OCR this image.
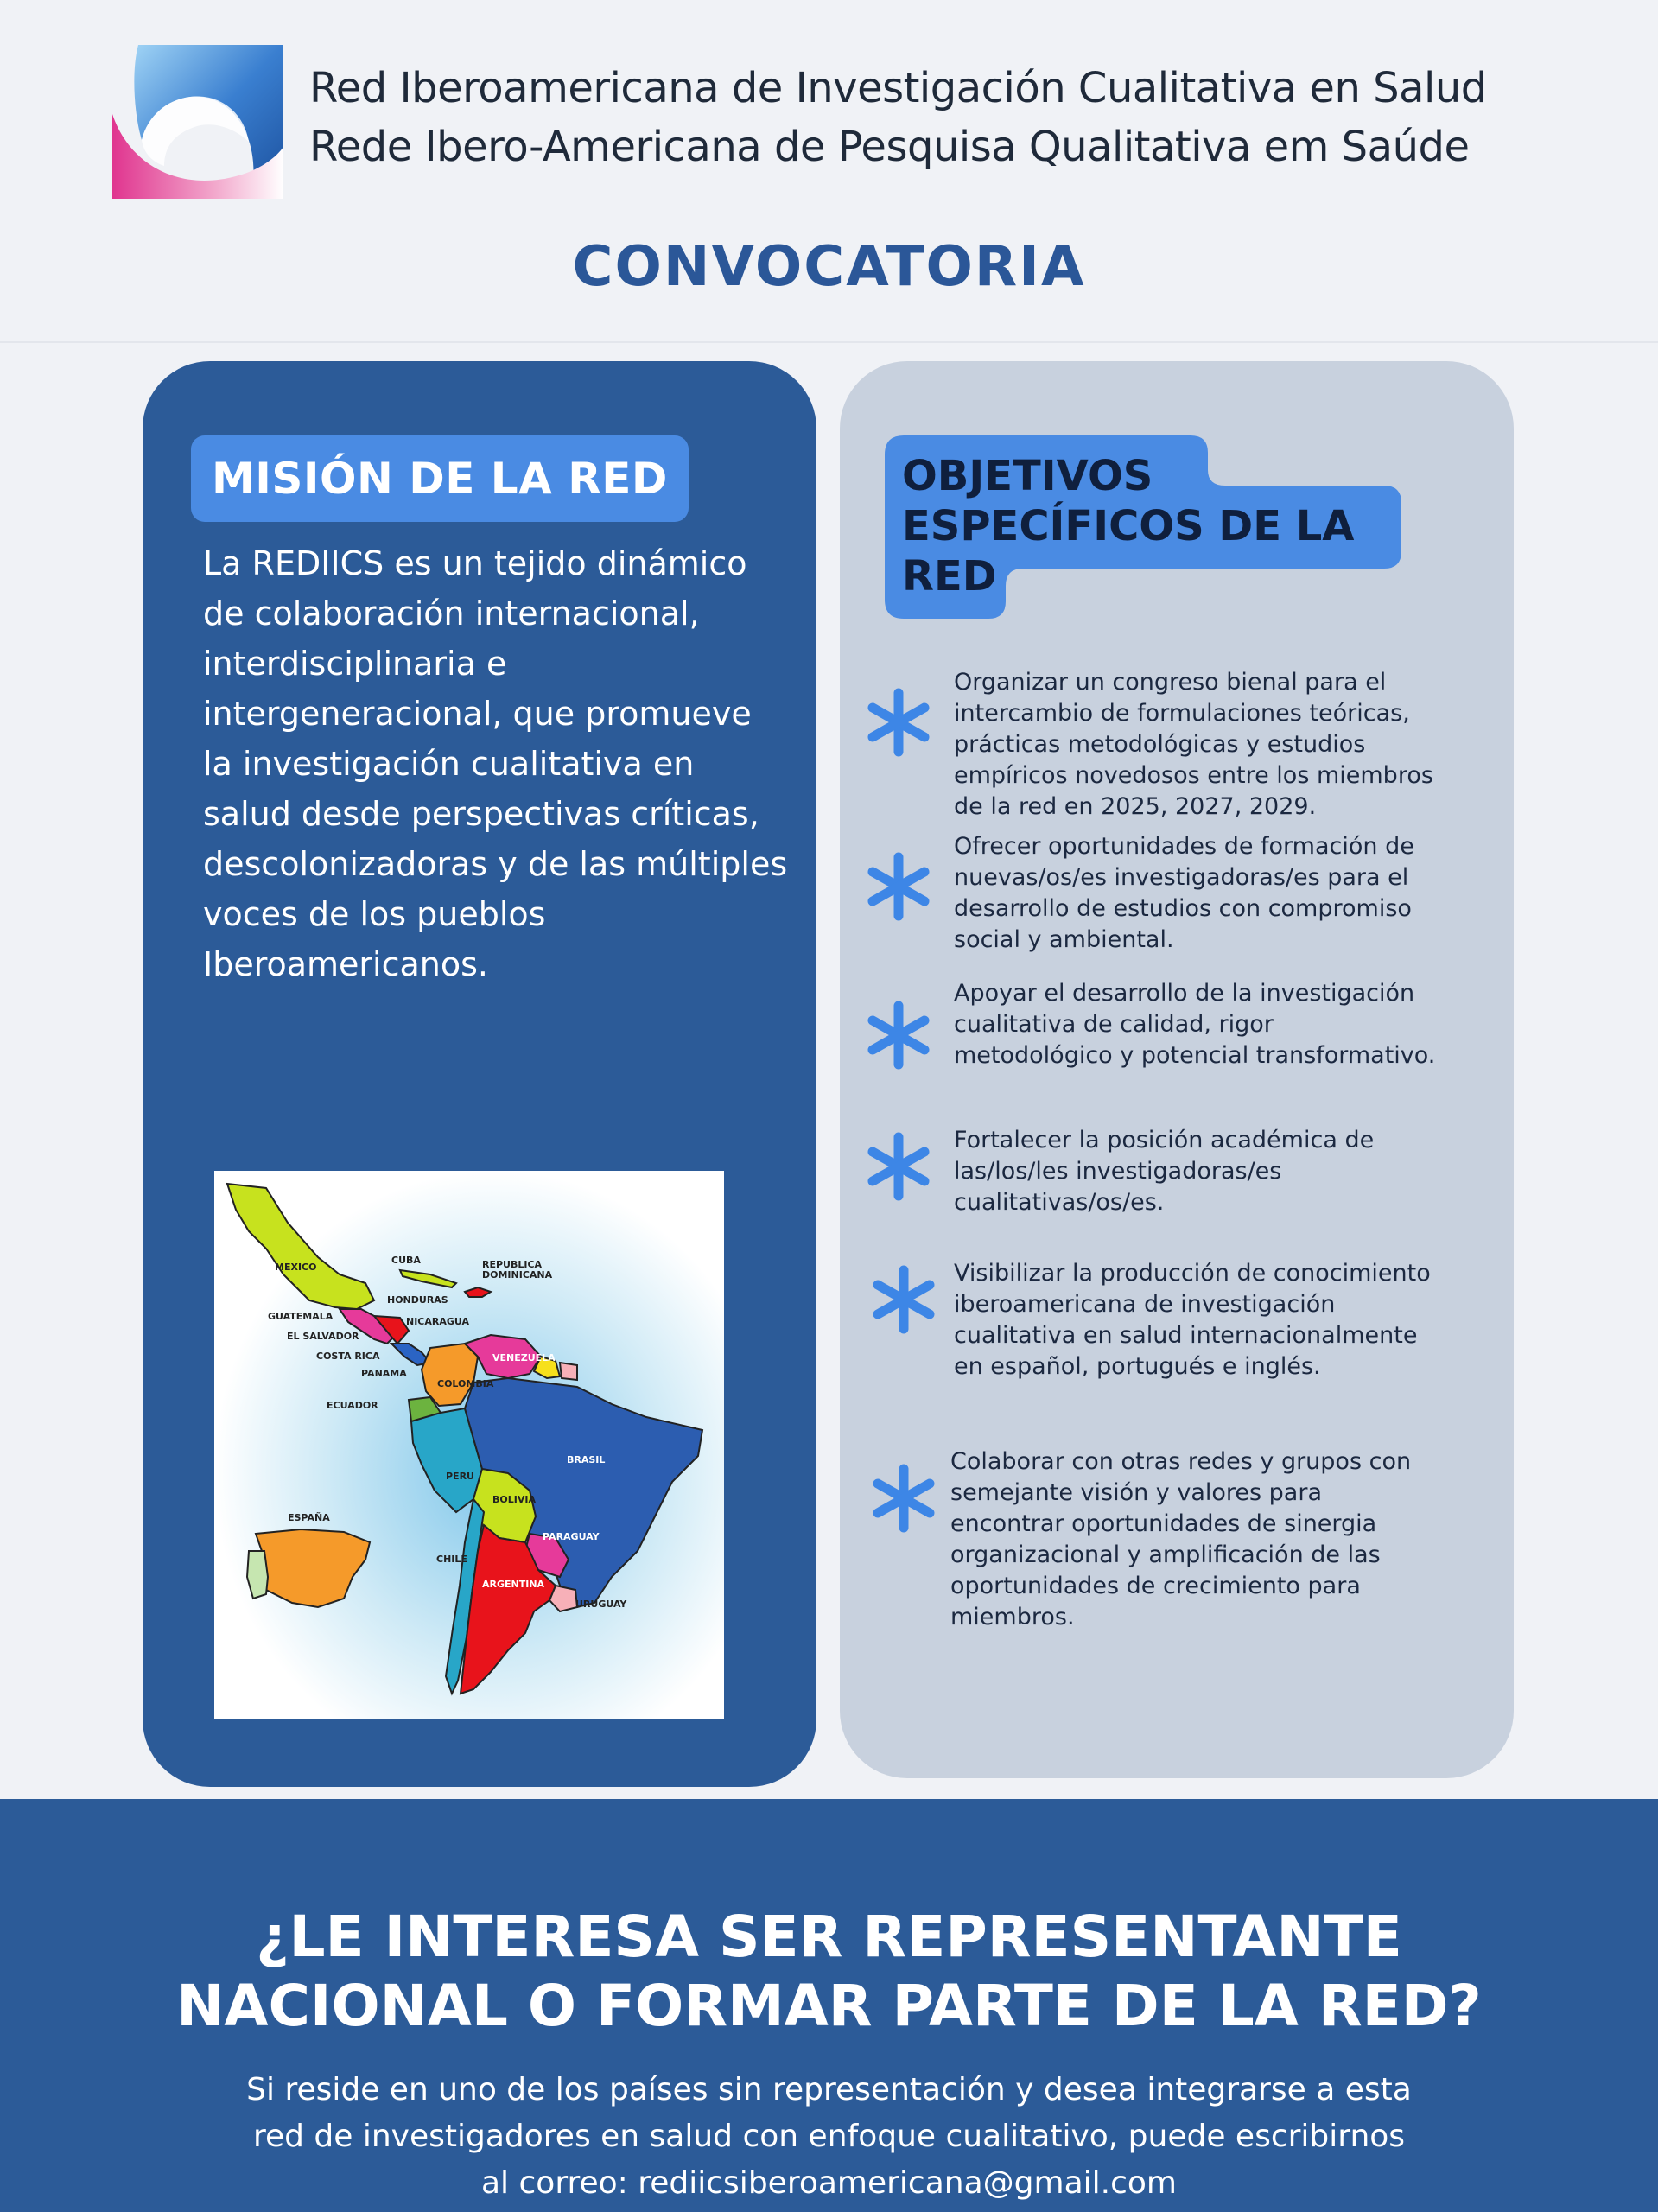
Red Iberoamericana de Investigación Cualitativa en Salud
Rede Ibero-Americana de Pesquisa Qualitativa em Saúde
CONVOCATORIA
MISIÓN DE LA RED

La REDIICS es un tejido dinámico de colaboración internacional, interdisciplinaria e intergeneracional, que promueve la investigación cualitativa en salud desde perspectivas críticas, descolonizadoras y de las múltiples voces de los pueblos Iberoamericanos.

MEXICO
CUBA	REPUBLICA
DOMINICANA
HONDURAS
GUATEMALA	NICARAGUA
EL SALVADOR
COSTA RICA
PANAMA
ECUADOR
COLOMBIA
PERU
VENEZUELA
BRASIL
BOLIVIA
ESPAÑA
PARAGUAY
CHILE
ARGENTINA
URUGUAY

OBJETIVOS ESPECÍFICOS DE LA RED

Organizar un congreso bienal para el intercambio de formulaciones teóricas, prácticas metodológicas y estudios empíricos novedosos entre los miembros de la red en 2025, 2027, 2029.

Ofrecer oportunidades de formación de nuevas/os/es investigadoras/es para el desarrollo de estudios con compromiso social y ambiental.

Apoyar el desarrollo de la investigación cualitativa de calidad, rigor metodológico y potencial transformativo.

Fortalecer la posición académica de las/los/les investigadoras/es cualitativas/os/es.

Visibilizar la producción de conocimiento iberoamericana de investigación cualitativa en salud internacionalmente en español, portugués e inglés.

Colaborar con otras redes y grupos con semejante visión y valores para encontrar oportunidades de sinergia organizacional y amplificación de las oportunidades de crecimiento para miembros.

¿LE INTERESA SER REPRESENTANTE
NACIONAL O FORMAR PARTE DE LA RED?

Si reside en uno de los países sin representación y desea integrarse a esta
red de investigadores en salud con enfoque cualitativo, puede escribirnos
al correo: rediicsiberoamericana@gmail.com
